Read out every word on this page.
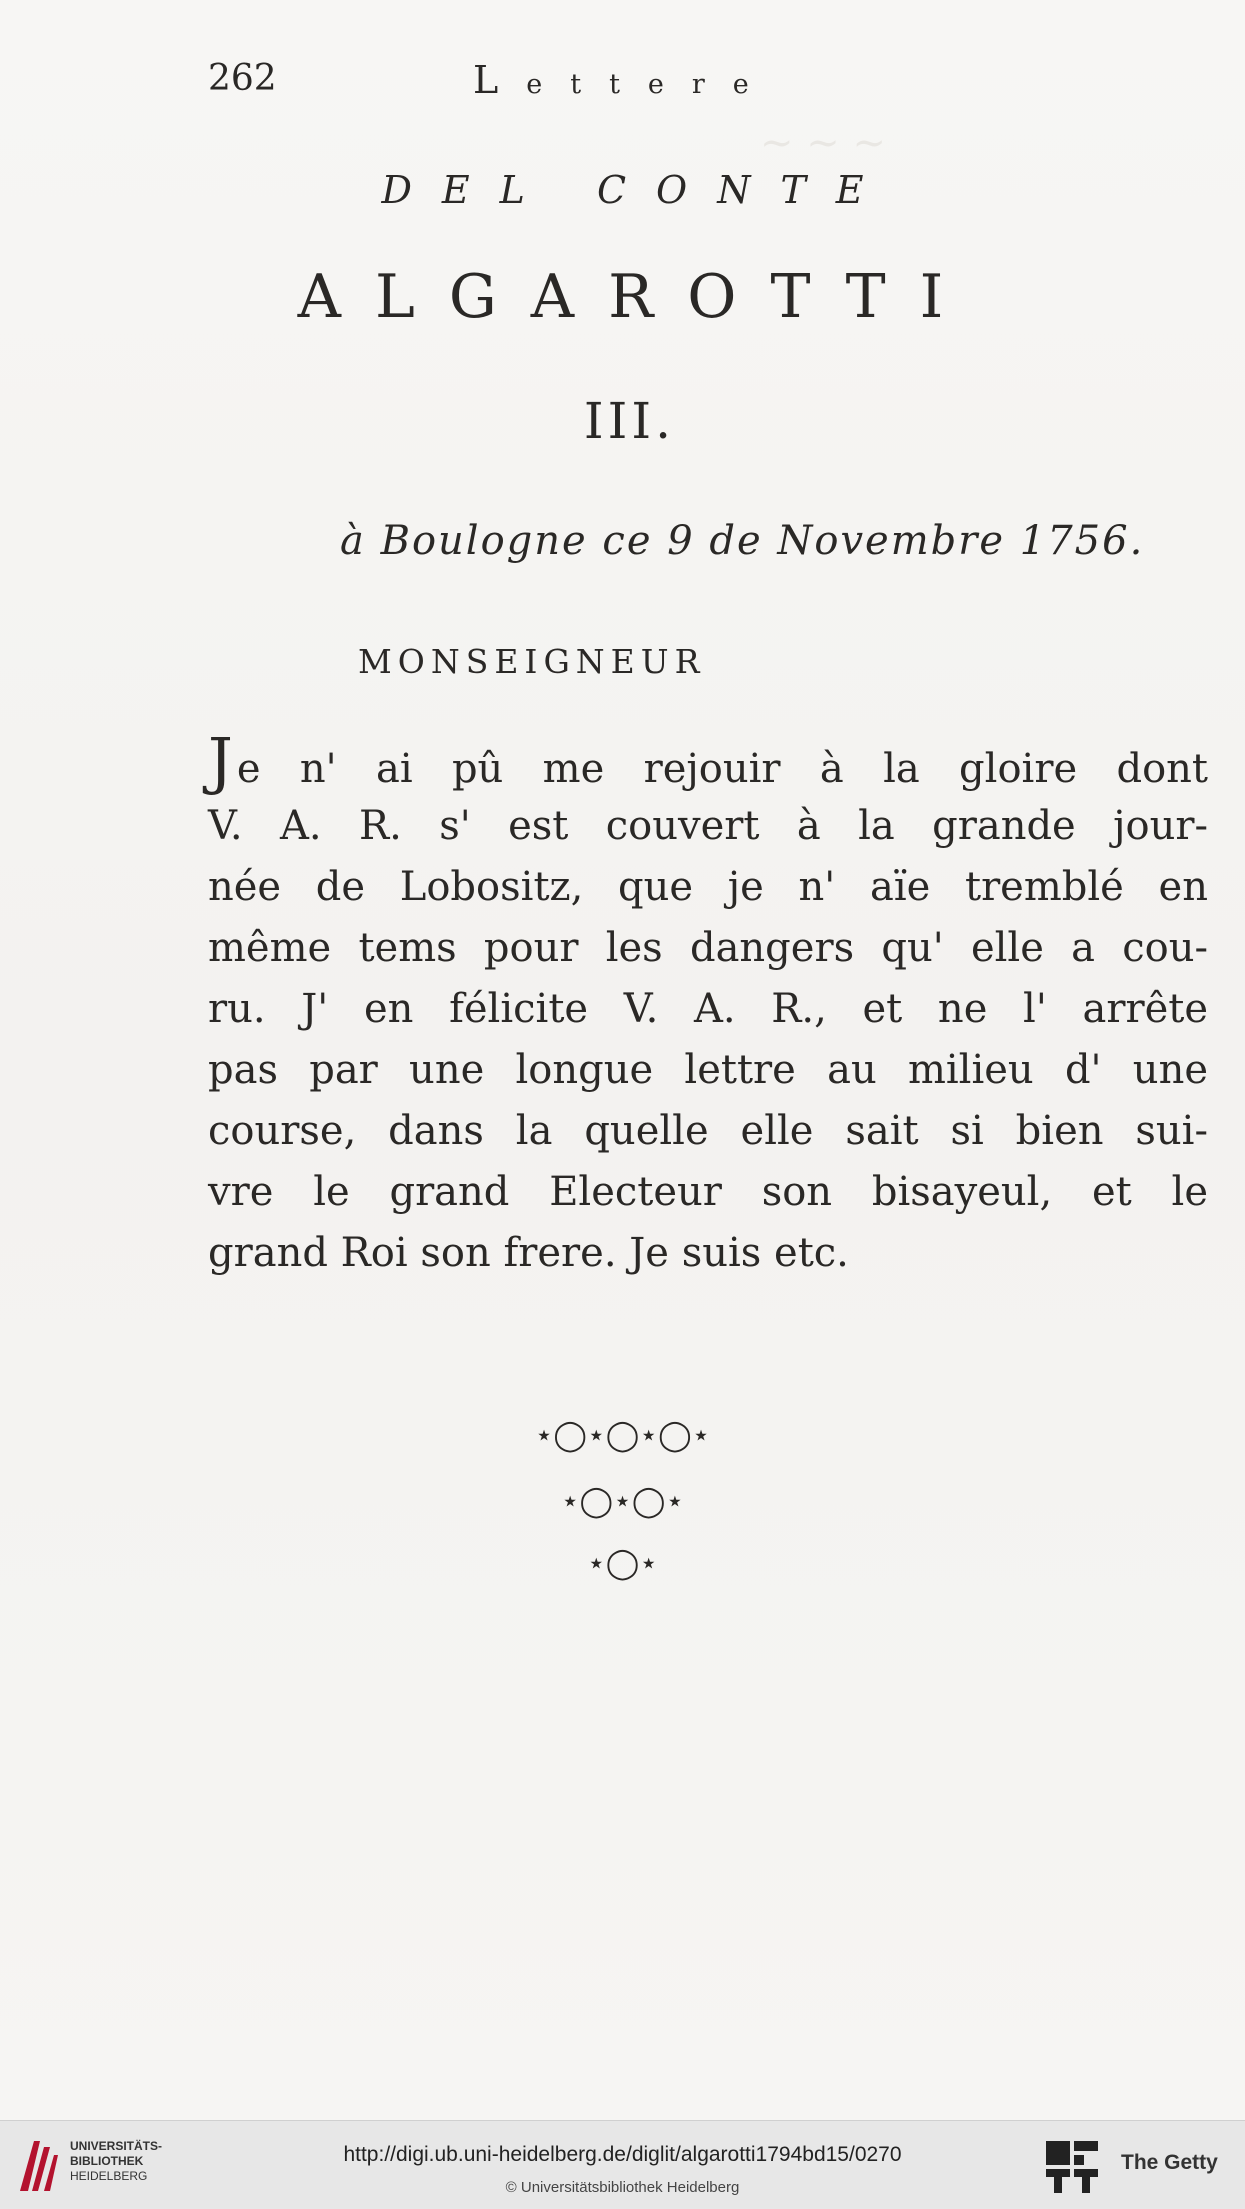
~ ~ ~
262	Lettere
DEL CONTE
ALGAROTTI
III.
à Boulogne ce 9 de Novembre 1756.
MONSEIGNEUR
Je n' ai pû me rejouir à la gloire dont
V. A. R. s' est couvert à la grande jour-
née de Lobositz, que je n' aïe tremblé en
même tems pour les dangers qu' elle a cou-
ru. J' en félicite V. A. R., et ne l' arrête
pas par une longue lettre au milieu d' une
course, dans la quelle elle sait si bien sui-
vre le grand Electeur son bisayeul, et le
grand Roi son frere. Je suis etc.
⋆◯⋆◯⋆◯⋆
⋆◯⋆◯⋆
⋆◯⋆
UNIVERSITÄTS-
BIBLIOTHEK
HEIDELBERG
http://digi.ub.uni-heidelberg.de/diglit/algarotti1794bd15/0270
© Universitätsbibliothek Heidelberg
The Getty
